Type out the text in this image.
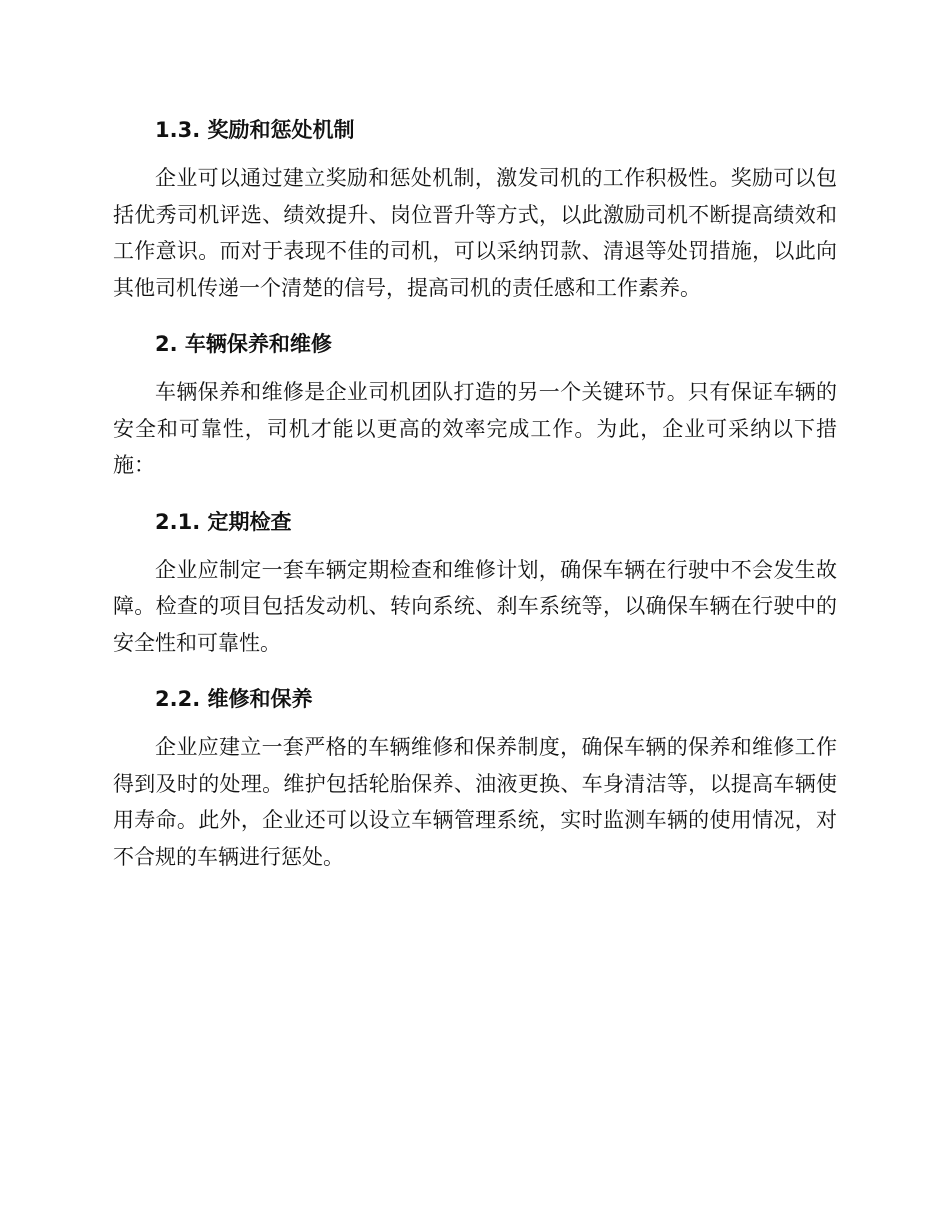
1.3. 奖励和惩处机制

企业可以通过建立奖励和惩处机制，激发司机的工作积极性。奖励可以包括优秀司机评选、绩效提升、岗位晋升等方式，以此激励司机不断提高绩效和工作意识。而对于表现不佳的司机，可以采纳罚款、清退等处罚措施，以此向其他司机传递一个清楚的信号，提高司机的责任感和工作素养。

2. 车辆保养和维修

车辆保养和维修是企业司机团队打造的另一个关键环节。只有保证车辆的安全和可靠性，司机才能以更高的效率完成工作。为此，企业可采纳以下措施：

2.1. 定期检查

企业应制定一套车辆定期检查和维修计划，确保车辆在行驶中不会发生故障。检查的项目包括发动机、转向系统、刹车系统等，以确保车辆在行驶中的安全性和可靠性。

2.2. 维修和保养

企业应建立一套严格的车辆维修和保养制度，确保车辆的保养和维修工作得到及时的处理。维护包括轮胎保养、油液更换、车身清洁等，以提高车辆使用寿命。此外，企业还可以设立车辆管理系统，实时监测车辆的使用情况，对不合规的车辆进行惩处。
